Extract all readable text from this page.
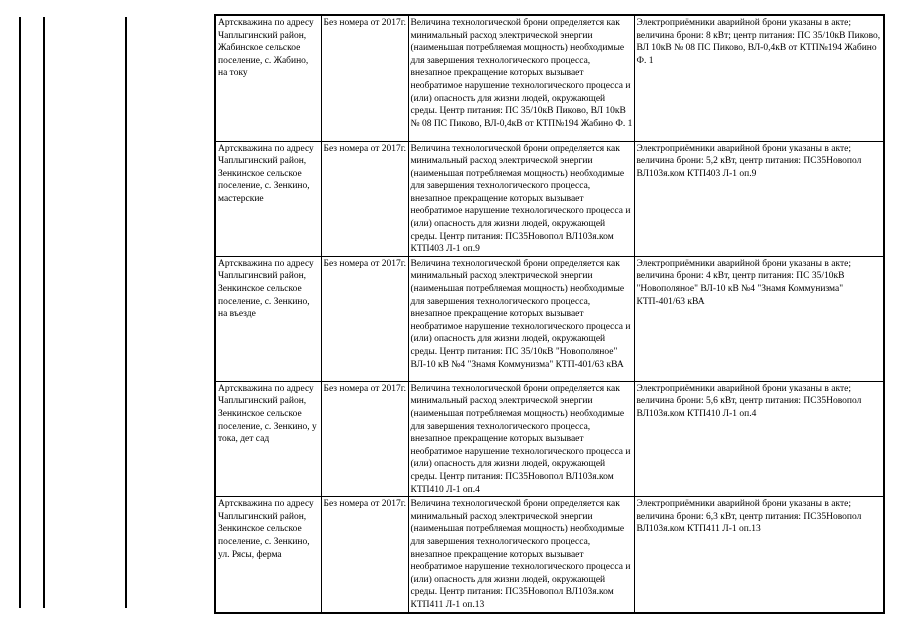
Артскважина по адресу Чаплыгинский район, Жабинское сельское поселение, с. Жабино, на току	Без номера от 2017г.	Величина технологической брони определяется как минимальный расход электрической энергии (наименьшая потребляемая мощность) необходимые для завершения технологического процесса, внезапное прекращение которых вызывает необратимое нарушение технологического процесса и (или) опасность для жизни людей, окружающей среды. Центр питания: ПС 35/10кВ Пиково, ВЛ 10кВ № 08 ПС Пиково, ВЛ-0,4кВ от КТП№194 Жабино Ф. 1	Электроприёмники аварийной брони указаны в акте; величина брони: 8 кВт; центр питания: ПС 35/10кВ Пиково, ВЛ 10кВ № 08 ПС Пиково, ВЛ-0,4кВ от КТП№194 Жабино Ф. 1
Артскважина по адресу Чаплыгинский район, Зенкинское сельское поселение, с. Зенкино, мастерские	Без номера от 2017г.	Величина технологической брони определяется как минимальный расход электрической энергии (наименьшая потребляемая мощность) необходимые для завершения технологического процесса, внезапное прекращение которых вызывает необратимое нарушение технологического процесса и (или) опасность для жизни людей, окружающей среды. Центр питания: ПС35Новопол ВЛ103я.ком КТП403 Л-1 оп.9	Электроприёмники аварийной брони указаны в акте; величина брони: 5,2 кВт, центр питания: ПС35Новопол ВЛ103я.ком КТП403 Л-1 оп.9
Артскважина по адресу Чаплыгинсвий район, Зенкинское сельское поселение, с. Зенкино, на въезде	Без номера от 2017г.	Величина технологической брони определяется как минимальный расход электрической энергии (наименьшая потребляемая мощность) необходимые для завершения технологического процесса, внезапное прекращение которых вызывает необратимое нарушение технологического процесса и (или) опасность для жизни людей, окружающей среды. Центр питания: ПС 35/10кВ "Новополяное" ВЛ-10 кВ №4 "Знамя Коммунизма" КТП-401/63 кВА	Электроприёмники аварийной брони указаны в акте; величина брони: 4 кВт, центр питания: ПС 35/10кВ "Новополяное" ВЛ-10 кВ №4 "Знамя Коммунизма" КТП-401/63 кВА
Артскважина по адресу Чаплыгинский район, Зенкинское сельское поселение, с. Зенкино, у тока, дет сад	Без номера от 2017г.	Величина технологической брони определяется как минимальный расход электрической энергии (наименьшая потребляемая мощность) необходимые для завершения технологического процесса, внезапное прекращение которых вызывает необратимое нарушение технологического процесса и (или) опасность для жизни людей, окружающей среды. Центр питания: ПС35Новопол ВЛ103я.ком КТП410 Л-1 оп.4	Электроприёмники аварийной брони указаны в акте; величина брони: 5,6 кВт, центр питания: ПС35Новопол ВЛ103я.ком КТП410 Л-1 оп.4
Артскважина по адресу Чаплыгинский район, Зенкинское сельское поселение, с. Зенкино, ул. Рясы, ферма	Без номера от 2017г.	Величина технологической брони определяется как минимальный расход электрической энергии (наименьшая потребляемая мощность) необходимые для завершения технологического процесса, внезапное прекращение которых вызывает необратимое нарушение технологического процесса и (или) опасность для жизни людей, окружающей среды. Центр питания: ПС35Новопол ВЛ103я.ком КТП411 Л-1 оп.13	Электроприёмники аварийной брони указаны в акте; величина брони: 6,3 кВт, центр питания: ПС35Новопол ВЛ103я.ком КТП411 Л-1 оп.13
